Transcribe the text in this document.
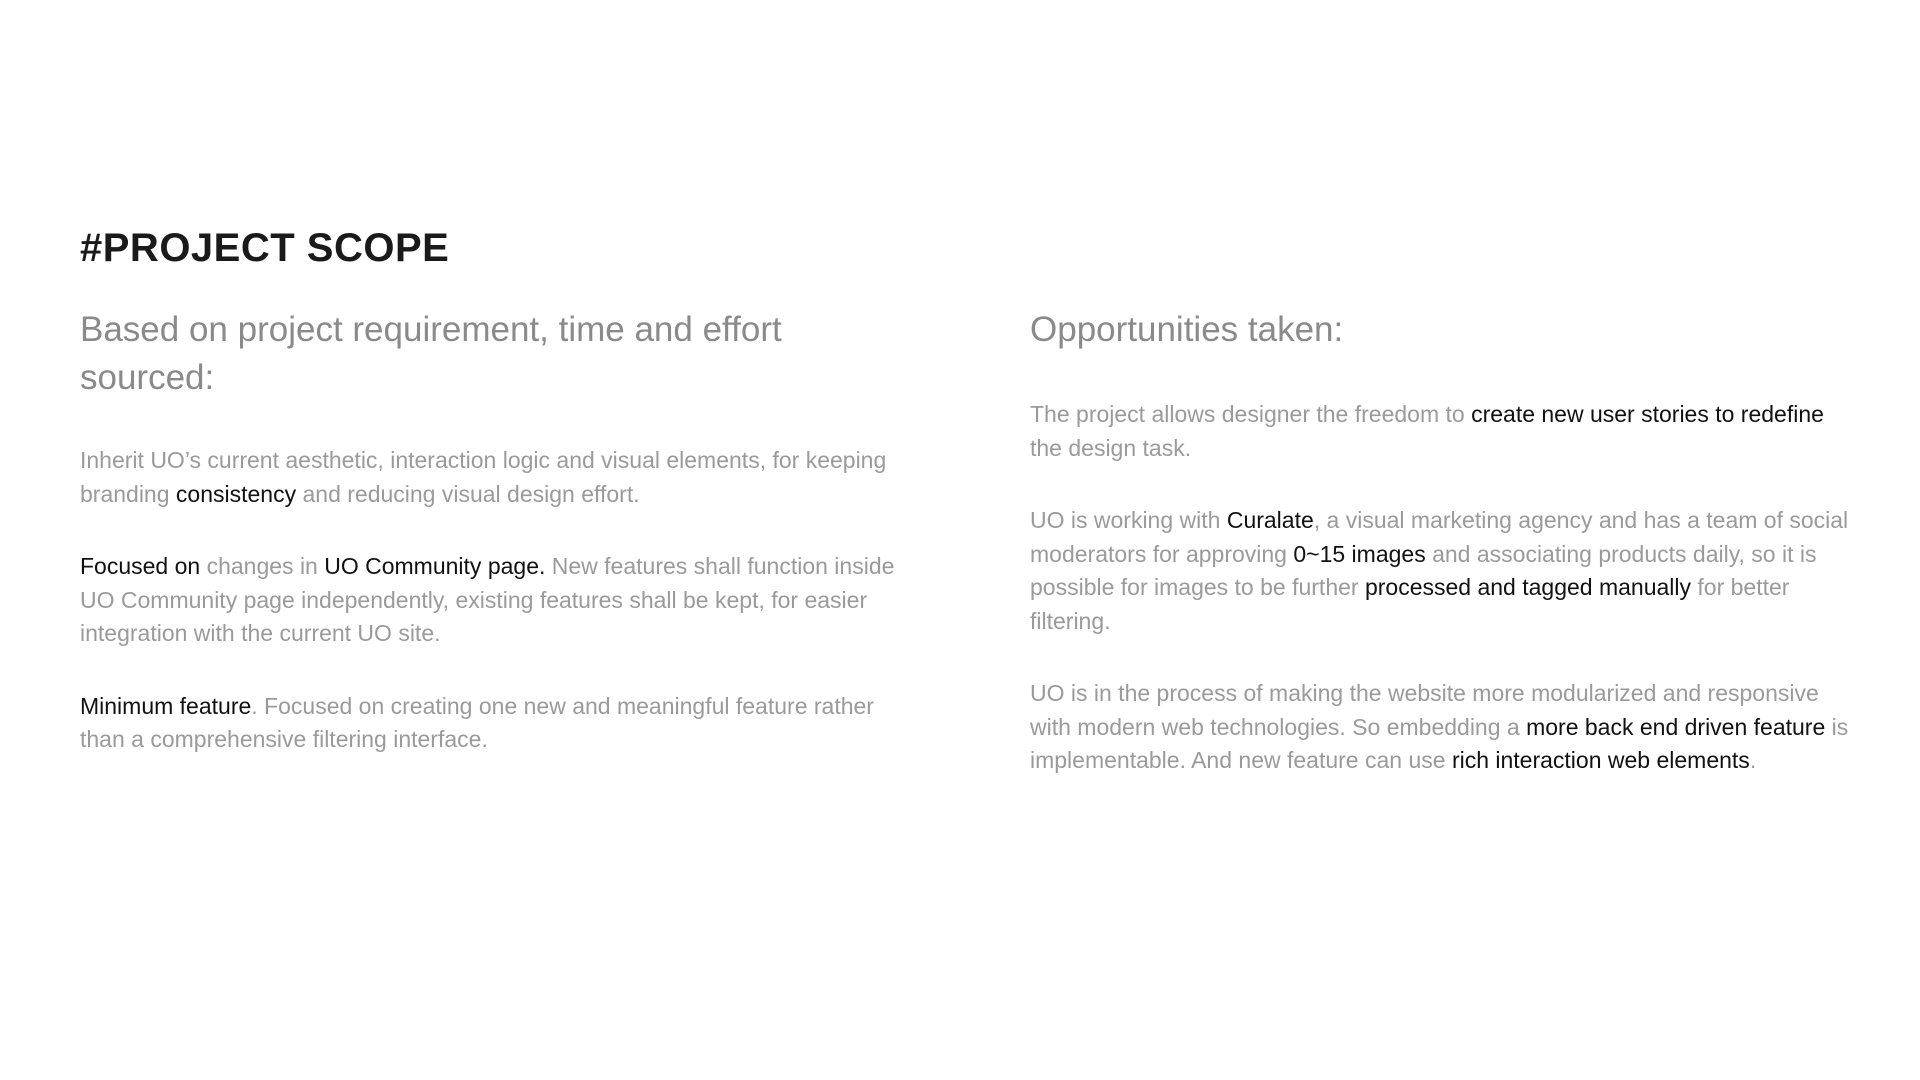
#PROJECT SCOPE
Based on project requirement, time and effort sourced:

Inherit UO’s current aesthetic, interaction logic and visual elements, for keeping branding consistency and reducing visual design effort.

Focused on changes in UO Community page. New features shall function inside UO Community page independently, existing features shall be kept, for easier integration with the current UO site.

Minimum feature. Focused on creating one new and meaningful feature rather than a comprehensive filtering interface.

Opportunities taken:

The project allows designer the freedom to create new user stories to redefine the design task.

UO is working with Curalate, a visual marketing agency and has a team of social moderators for approving 0~15 images and associating products daily, so it is possible for images to be further processed and tagged manually for better filtering.

UO is in the process of making the website more modularized and responsive with modern web technologies. So embedding a more back end driven feature is implementable. And new feature can use rich interaction web elements.
